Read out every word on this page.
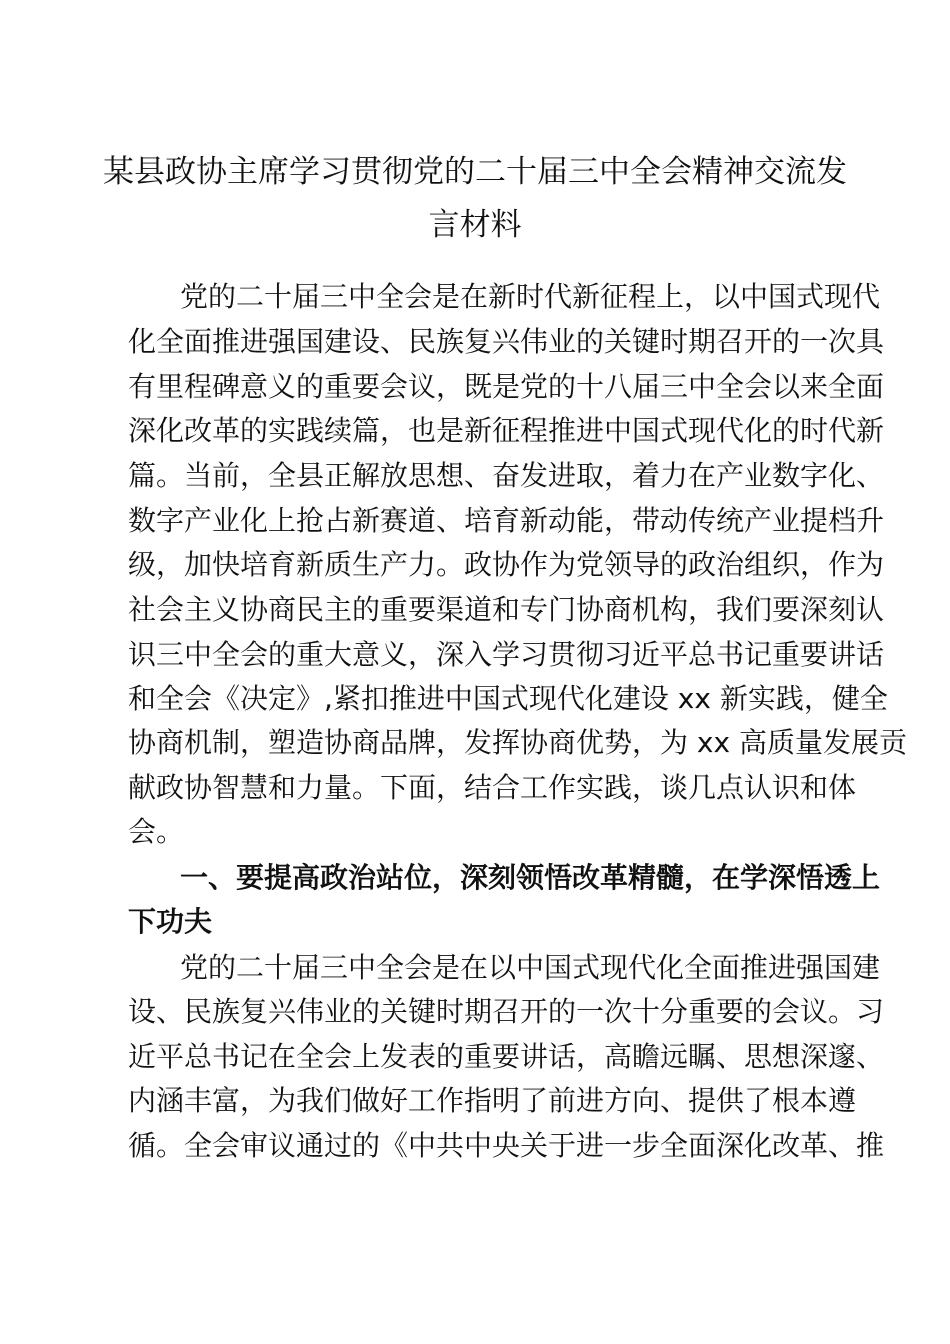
某县政协主席学习贯彻党的二十届三中全会精神交流发
言材料
党的二十届三中全会是在新时代新征程上，以中国式现代
化全面推进强国建设、民族复兴伟业的关键时期召开的一次具
有里程碑意义的重要会议，既是党的十八届三中全会以来全面
深化改革的实践续篇，也是新征程推进中国式现代化的时代新
篇。当前，全县正解放思想、奋发进取，着力在产业数字化、
数字产业化上抢占新赛道、培育新动能，带动传统产业提档升
级，加快培育新质生产力。政协作为党领导的政治组织，作为
社会主义协商民主的重要渠道和专门协商机构，我们要深刻认
识三中全会的重大意义，深入学习贯彻习近平总书记重要讲话
和全会《决定》,紧扣推进中国式现代化建设 xx 新实践，健全
协商机制，塑造协商品牌，发挥协商优势，为 xx 高质量发展贡
献政协智慧和力量。下面，结合工作实践，谈几点认识和体
会。
一、要提高政治站位，深刻领悟改革精髓，在学深悟透上
下功夫
党的二十届三中全会是在以中国式现代化全面推进强国建
设、民族复兴伟业的关键时期召开的一次十分重要的会议。习
近平总书记在全会上发表的重要讲话，高瞻远瞩、思想深邃、
内涵丰富，为我们做好工作指明了前进方向、提供了根本遵
循。全会审议通过的《中共中央关于进一步全面深化改革、推
